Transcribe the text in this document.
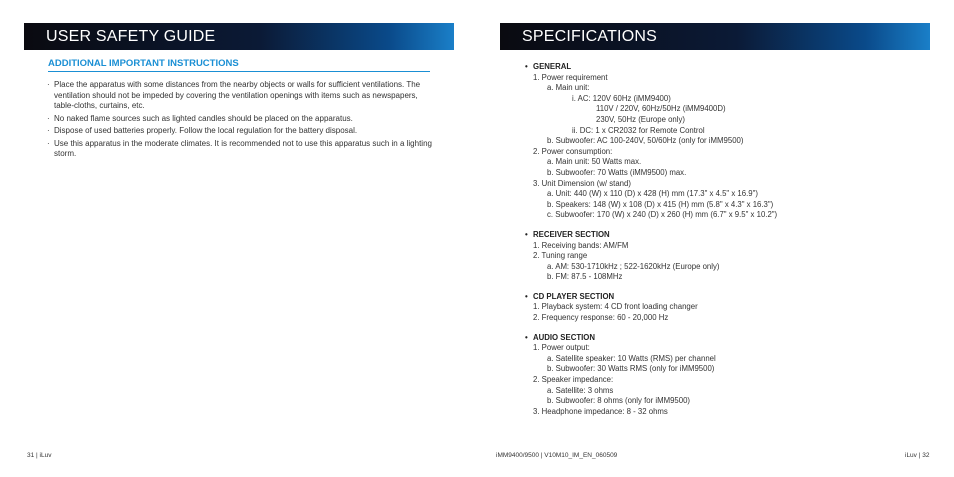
USER SAFETY GUIDE
ADDITIONAL IMPORTANT INSTRUCTIONS
· Place the apparatus with some distances from the nearby objects or walls for sufficient ventilations. The ventilation should not be impeded by covering the ventilation openings with items such as newspapers, table-cloths, curtains, etc.
· No naked flame sources such as lighted candles should be placed on the apparatus.
· Dispose of used batteries properly. Follow the local regulation for the battery disposal.
· Use this apparatus in the moderate climates. It is recommended not to use this apparatus such in a lighting storm.
SPECIFICATIONS
• GENERAL
1. Power requirement
a. Main unit:
i. AC: 120V 60Hz (iMM9400)
110V / 220V, 60Hz/50Hz (iMM9400D)
230V, 50Hz (Europe only)
ii. DC: 1 x CR2032 for Remote Control
b. Subwoofer: AC 100-240V, 50/60Hz (only for iMM9500)
2. Power consumption:
a. Main unit: 50 Watts max.
b. Subwoofer: 70 Watts (iMM9500) max.
3. Unit Dimension (w/ stand)
a. Unit: 440 (W) x 110 (D) x 428 (H) mm (17.3" x 4.5" x 16.9")
b. Speakers: 148 (W) x 108 (D) x 415 (H) mm (5.8" x 4.3" x 16.3")
c. Subwoofer: 170 (W) x 240 (D) x 260 (H) mm (6.7" x 9.5" x 10.2")
• RECEIVER SECTION
1. Receiving bands: AM/FM
2. Tuning range
a. AM: 530-1710kHz ; 522-1620kHz (Europe only)
b. FM: 87.5 - 108MHz
• CD PLAYER SECTION
1. Playback system: 4 CD front loading changer
2. Frequency response: 60 - 20,000 Hz
• AUDIO SECTION
1. Power output:
a. Satellite speaker: 10 Watts (RMS) per channel
b. Subwoofer: 30 Watts RMS (only for iMM9500)
2. Speaker impedance:
a. Satellite: 3 ohms
b. Subwoofer: 8 ohms (only for iMM9500)
3. Headphone impedance: 8 - 32 ohms
31 | iLuv	iMM9400/9500 | V10M10_IM_EN_060509	iLuv | 32
